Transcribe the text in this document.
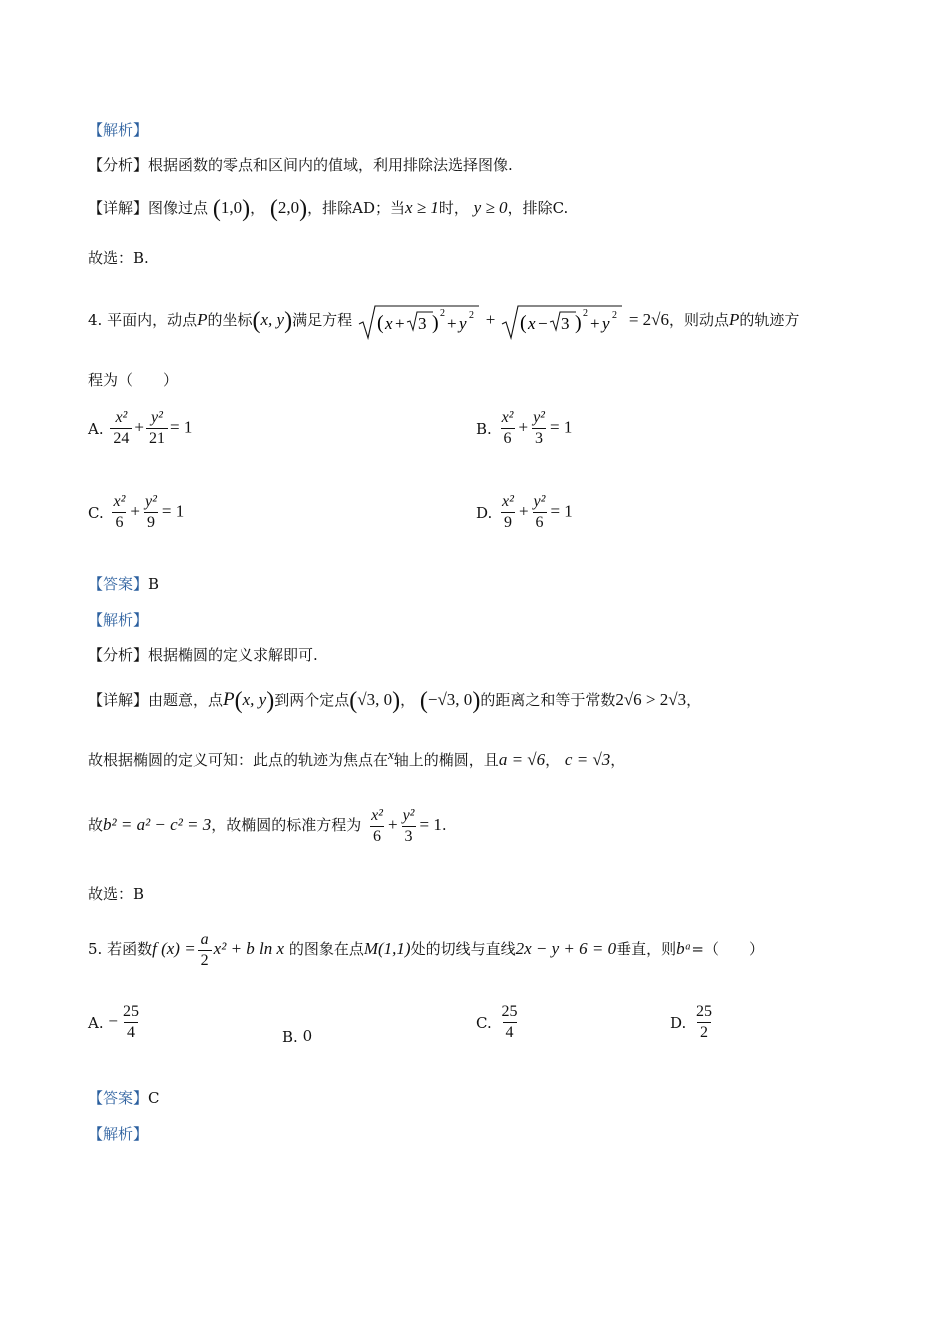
【解析】
【分析】根据函数的零点和区间内的值域，利用排除法选择图像.
【详解】图像过点 (1,0)， (2,0)，排除AD；当x ≥ 1时， y ≥ 0，排除C.
故选：B.
4. 平面内，动点P的坐标(x, y)满足方程 ( x + 3 ) 2
+ y 2 + ( x − 3 ) 2
+ y 2 = 2√6，则动点P的轨迹方
程为（　　）
A. $\frac{\text{x²}}{24} + \frac{\text{y²}}{21} = 1$	B. $\frac{\text{x²}}{6} + \frac{\text{y²}}{3} = 1$
C. $\frac{\text{x²}}{6} + \frac{\text{y²}}{9} = 1$	D. $\frac{\text{x²}}{9} + \frac{\text{y²}}{6} = 1$
【答案】B
【解析】
【分析】根据椭圆的定义求解即可.
【详解】由题意，点P(x, y)到两个定点(√3, 0)， (−√3, 0)的距离之和等于常数2√6 > 2√3，
故根据椭圆的定义可知：此点的轨迹为焦点在x轴上的椭圆，且a = √6， c = √3，
故b² = a² − c² = 3，故椭圆的标准方程为 $\frac{\text{x²}}{6} + \frac{\text{y²}}{3} = 1$.
故选：B
5. 若函数f $(x) = \frac{a}{2} x^2 + b$ ln x 的图象在点M(1,1)处的切线与直线2x − y + 6 = 0垂直，则bᵃ=（　　）
A. − $\frac{25}{4}$	B. 0
C. $\frac{25}{4}$	D. $\frac{25}{2}$
【答案】C
【解析】
